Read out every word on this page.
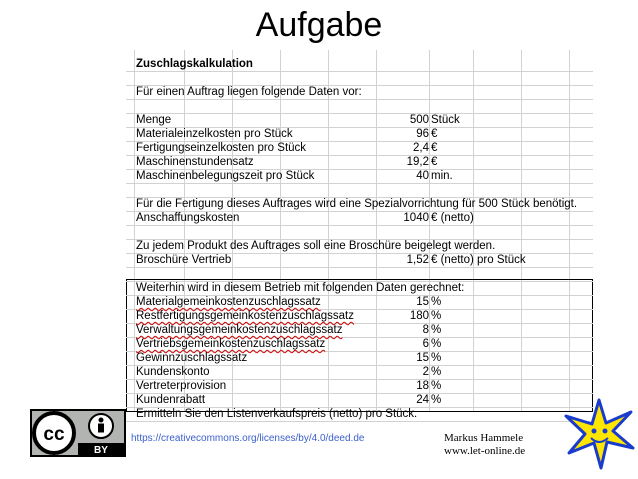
Aufgabe
Zuschlagskalkulation
Für einen Auftrag liegen folgende Daten vor:
Menge	500 Stück
Materialeinzelkosten pro Stück	96 €
Fertigungseinzelkosten pro Stück	2,4 €
Maschinenstundensatz	19,2 €
Maschinenbelegungszeit pro Stück	40 min.
Für die Fertigung dieses Auftrages wird eine Spezialvorrichtung für 500 Stück benötigt.
Anschaffungskosten	1040 € (netto)
Zu jedem Produkt des Auftrages soll eine Broschüre beigelegt werden.
Broschüre Vertrieb	1,52 € (netto) pro Stück
Weiterhin wird in diesem Betrieb mit folgenden Daten gerechnet:
Materialgemeinkostenzuschlagssatz	15 %
Restfertigungsgemeinkostenzuschlagssatz	180 %
Verwaltungsgemeinkostenzuschlagssatz	8 %
Vertriebsgemeinkostenzuschlagssatz	6 %
Gewinnzuschlagssatz	15 %
Kundenskonto	2 %
Vertreterprovision	18 %
Kundenrabatt	24 %
Ermitteln Sie den Listenverkaufspreis (netto) pro Stück.
https://creativecommons.org/licenses/by/4.0/deed.de	Markus Hammele
www.let-online.de
cc
BY
